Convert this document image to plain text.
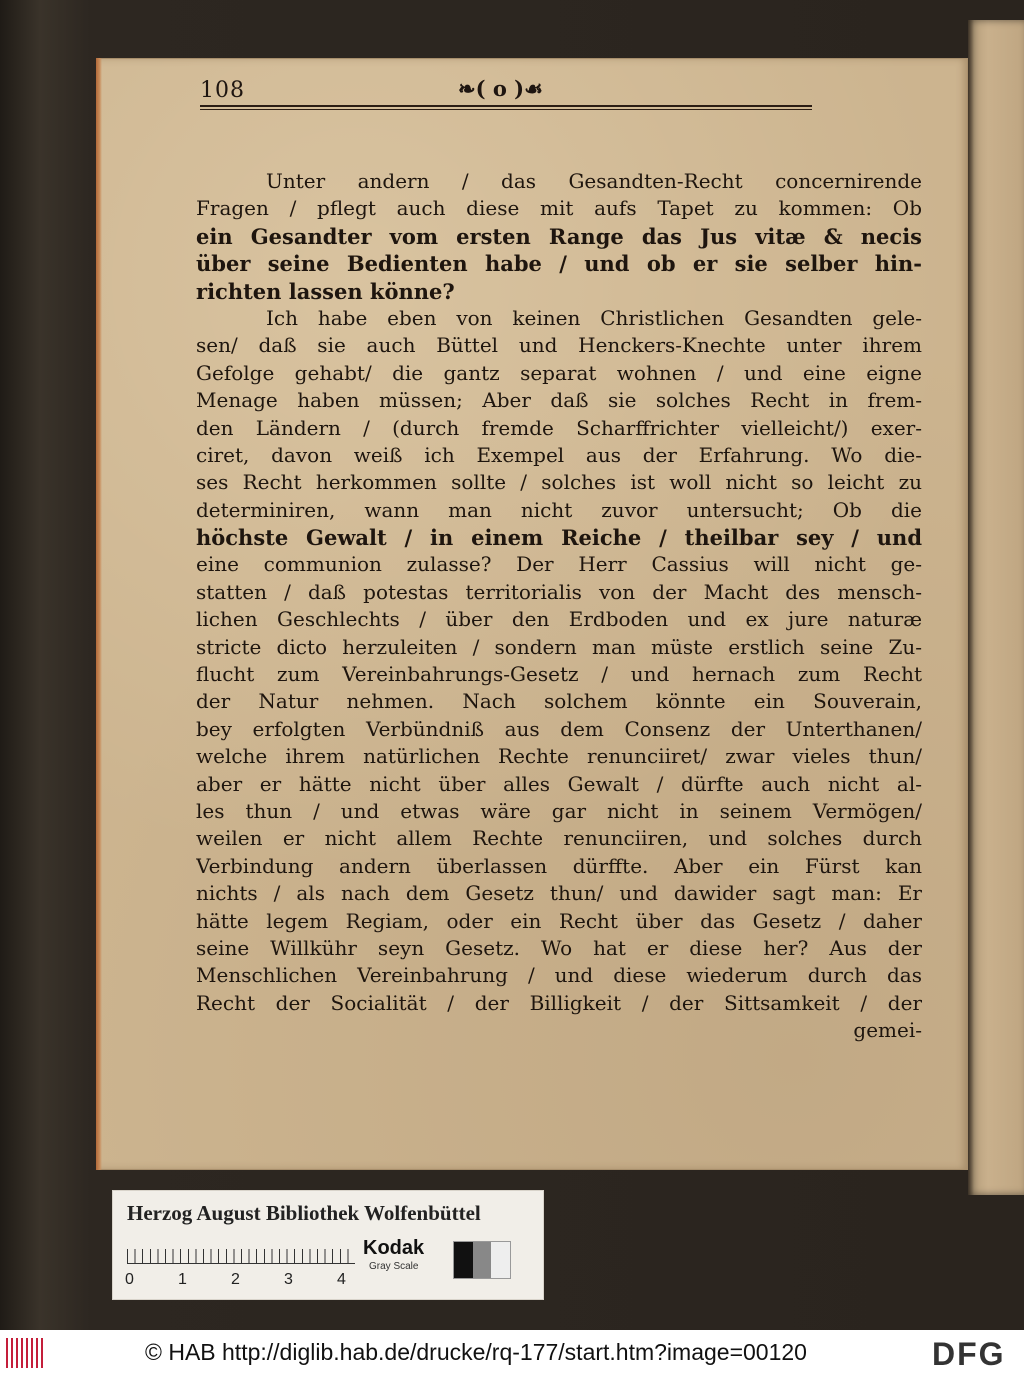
108	❧( o )☙
Unter andern / das Gesandten-Recht concernirende
Fragen / pflegt auch diese mit aufs Tapet zu kommen: Ob
ein Gesandter vom ersten Range das Jus vitæ & necis
über seine Bedienten habe / und ob er sie selber hin-
richten lassen könne?
Ich habe eben von keinen Christlichen Gesandten gele-
sen/ daß sie auch Büttel und Henckers-Knechte unter ihrem
Gefolge gehabt/ die gantz separat wohnen / und eine eigne
Menage haben müssen; Aber daß sie solches Recht in frem-
den Ländern / (durch fremde Scharffrichter vielleicht/) exer-
ciret, davon weiß ich Exempel aus der Erfahrung. Wo die-
ses Recht herkommen sollte / solches ist woll nicht so leicht zu
determiniren, wann man nicht zuvor untersucht; Ob die
höchste Gewalt / in einem Reiche / theilbar sey / und
eine communion zulasse? Der Herr Cassius will nicht ge-
statten / daß potestas territorialis von der Macht des mensch-
lichen Geschlechts / über den Erdboden und ex jure naturæ
stricte dicto herzuleiten / sondern man müste erstlich seine Zu-
flucht zum Vereinbahrungs-Gesetz / und hernach zum Recht
der Natur nehmen. Nach solchem könnte ein Souverain,
bey erfolgten Verbündniß aus dem Consenz der Unterthanen/
welche ihrem natürlichen Rechte renunciiret/ zwar vieles thun/
aber er hätte nicht über alles Gewalt / dürfte auch nicht al-
les thun / und etwas wäre gar nicht in seinem Vermögen/
weilen er nicht allem Rechte renunciiren, und solches durch
Verbindung andern überlassen dürffte. Aber ein Fürst kan
nichts / als nach dem Gesetz thun/ und dawider sagt man: Er
hätte legem Regiam, oder ein Recht über das Gesetz / daher
seine Willkühr seyn Gesetz. Wo hat er diese her? Aus der
Menschlichen Vereinbahrung / und diese wiederum durch das
Recht der Socialität / der Billigkeit / der Sittsamkeit / der
gemei-
Herzog August Bibliothek Wolfenbüttel
0	1	2	3	4
Kodak
Gray Scale
© HAB http://diglib.hab.de/drucke/rq-177/start.htm?image=00120	DFG
